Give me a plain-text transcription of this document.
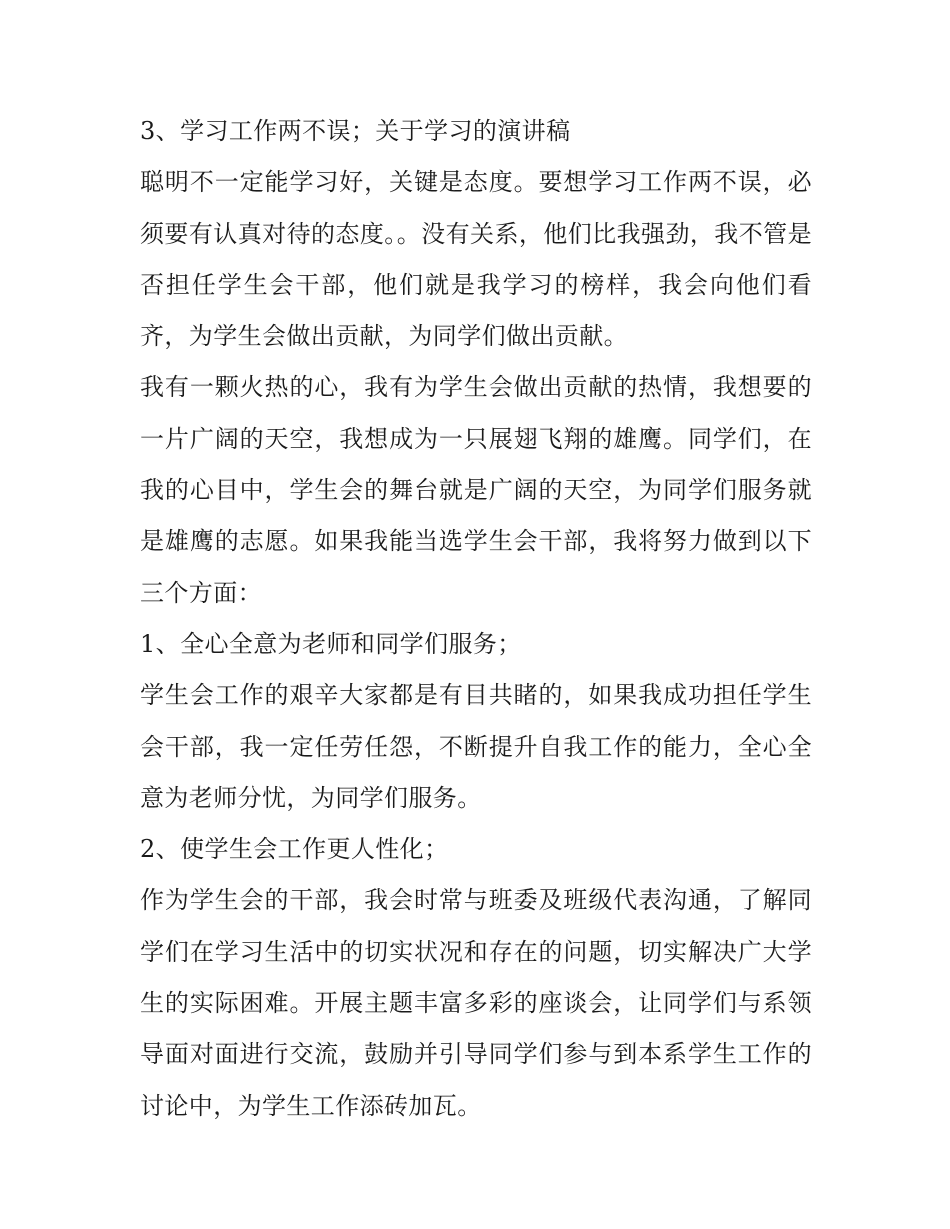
3、学习工作两不误；关于学习的演讲稿

聪明不一定能学习好，关键是态度。要想学习工作两不误，必须要有认真对待的态度。。没有关系，他们比我强劲，我不管是否担任学生会干部，他们就是我学习的榜样，我会向他们看齐，为学生会做出贡献，为同学们做出贡献。

我有一颗火热的心，我有为学生会做出贡献的热情，我想要的一片广阔的天空，我想成为一只展翅飞翔的雄鹰。同学们，在我的心目中，学生会的舞台就是广阔的天空，为同学们服务就是雄鹰的志愿。如果我能当选学生会干部，我将努力做到以下三个方面：

1、全心全意为老师和同学们服务；

学生会工作的艰辛大家都是有目共睹的，如果我成功担任学生会干部，我一定任劳任怨，不断提升自我工作的能力，全心全意为老师分忧，为同学们服务。

2、使学生会工作更人性化；

作为学生会的干部，我会时常与班委及班级代表沟通，了解同学们在学习生活中的切实状况和存在的问题，切实解决广大学生的实际困难。开展主题丰富多彩的座谈会，让同学们与系领导面对面进行交流，鼓励并引导同学们参与到本系学生工作的讨论中，为学生工作添砖加瓦。
